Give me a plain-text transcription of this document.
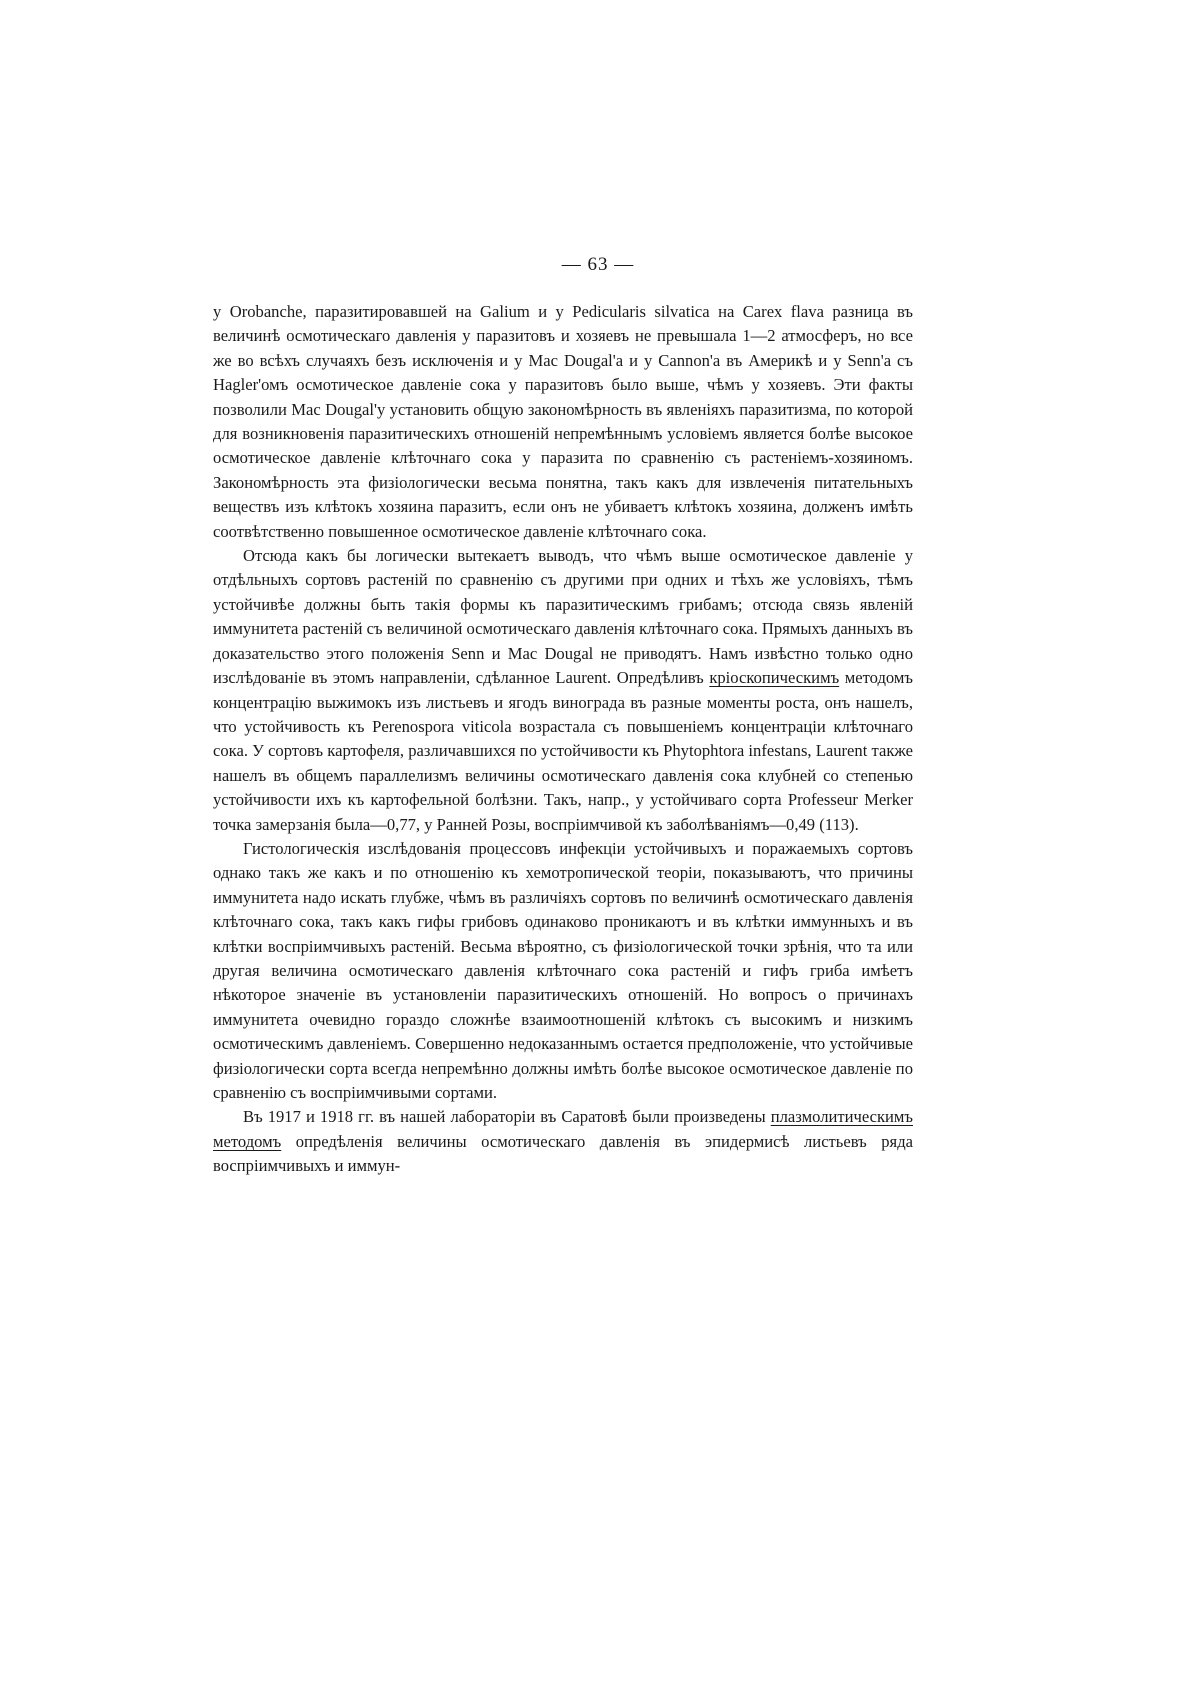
— 63 —

у Orobanche, паразитировавшей на Galium и у Pedicularis silvatica на Carex flava разница въ величинѣ осмотическаго давленія у паразитовъ и хозяевъ не превышала 1—2 атмосферъ, но все же во всѣхъ случаяхъ безъ исключенія и у Mac Dougal'а и у Cannon'а въ Америкѣ и у Senn'а съ Hagler'омъ осмотическое давленіе сока у паразитовъ было выше, чѣмъ у хозяевъ. Эти факты позволили Mac Dougal'у установить общую закономѣрность въ явленіяхъ паразитизма, по которой для возникновенія паразитическихъ отношеній непремѣннымъ условіемъ является болѣе высокое осмотическое давленіе клѣточнаго сока у паразита по сравненію съ растеніемъ-хозяиномъ. Закономѣрность эта физіологически весьма понятна, такъ какъ для извлеченія питательныхъ веществъ изъ клѣтокъ хозяина паразитъ, если онъ не убиваетъ клѣтокъ хозяина, долженъ имѣть соотвѣтственно повышенное осмотическое давленіе клѣточнаго сока.

Отсюда какъ бы логически вытекаетъ выводъ, что чѣмъ выше осмотическое давленіе у отдѣльныхъ сортовъ растеній по сравненію съ другими при одних и тѣхъ же условіяхъ, тѣмъ устойчивѣе должны быть такія формы къ паразитическимъ грибамъ; отсюда связь явленій иммунитета растеній съ величиной осмотическаго давленія клѣточнаго сока. Прямыхъ данныхъ въ доказательство этого положенія Senn и Mac Dougal не приводятъ. Намъ извѣстно только одно изслѣдованіе въ этомъ направленіи, сдѣланное Laurent. Опредѣливъ кріоскопическимъ методомъ концентрацію выжимокъ изъ листьевъ и ягодъ винограда въ разные моменты роста, онъ нашелъ, что устойчивость къ Perenospora viticola возрастала съ повышеніемъ концентраціи клѣточнаго сока. У сортовъ картофеля, различавшихся по устойчивости къ Phytophtora infestans, Laurent также нашелъ въ общемъ параллелизмъ величины осмотическаго давленія сока клубней со степенью устойчивости ихъ къ картофельной болѣзни. Такъ, напр., у устойчиваго сорта Professeur Merker точка замерзанія была—0,77, у Ранней Розы, воспріимчивой къ заболѣваніямъ—0,49 (113).

Гистологическія изслѣдованія процессовъ инфекціи устойчивыхъ и поражаемыхъ сортовъ однако такъ же какъ и по отношенію къ хемотропической теоріи, показываютъ, что причины иммунитета надо искать глубже, чѣмъ въ различіяхъ сортовъ по величинѣ осмотическаго давленія клѣточнаго сока, такъ какъ гифы грибовъ одинаково проникаютъ и въ клѣтки иммунныхъ и въ клѣтки воспріимчивыхъ растеній. Весьма вѣроятно, съ физіологической точки зрѣнія, что та или другая величина осмотическаго давленія клѣточнаго сока растеній и гифъ гриба имѣетъ нѣкоторое значеніе въ установленіи паразитическихъ отношеній. Но вопросъ о причинахъ иммунитета очевидно гораздо сложнѣе взаимоотношеній клѣтокъ съ высокимъ и низкимъ осмотическимъ давленіемъ. Совершенно недоказаннымъ остается предположеніе, что устойчивые физіологически сорта всегда непремѣнно должны имѣть болѣе высокое осмотическое давленіе по сравненію съ воспріимчивыми сортами.

Въ 1917 и 1918 гг. въ нашей лабораторіи въ Саратовѣ были произведены плазмолитическимъ методомъ опредѣленія величины осмотическаго давленія въ эпидермисѣ листьевъ ряда воспріимчивыхъ и иммун-
